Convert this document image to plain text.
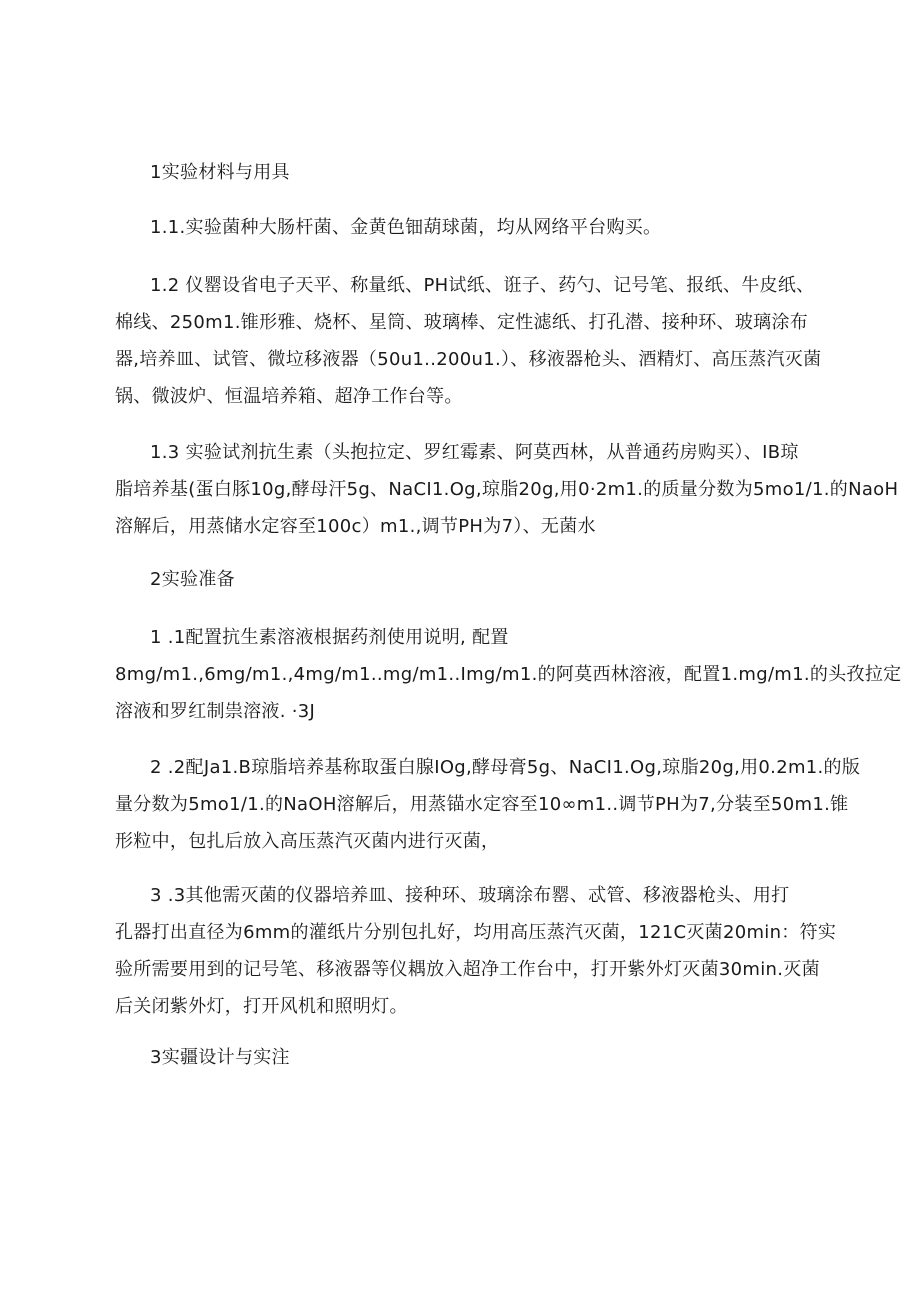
1实验材料与用具
1.1.实验菌种大肠杆菌、金黄色钿葫球菌，均从网络平台购买。
1.2 仪罂设省电子天平、称量纸、PH试纸、诳子、药勺、记号笔、报纸、牛皮纸、
棉线、250m1.锥形雅、烧杯、星筒、玻璃棒、定性滤纸、打孔潜、接种环、玻璃涂布
器,培养皿、试管、微垃移液器（50u1..200u1.）、移液器枪头、酒精灯、高压蒸汽灭菌
锅、微波炉、恒温培养箱、超净工作台等。
1.3 实验试剂抗生素（头抱拉定、罗红霉素、阿莫西林，从普通药房购买）、IB琼
脂培养基(蛋白豚10g,酵母汗5g、NaCI1.Og,琼脂20g,用0·2m1.的质量分数为5mo1∕1.的NaoH
溶解后，用蒸储水定容至100c）m1.,调节PH为7）、无菌水
2实验准备
1 .1配置抗生素溶液根据药剂使用说明, 配置
8mg∕m1.,6mg∕m1.,4mg∕m1..mg∕m1..Img∕m1.的阿莫西林溶液，配置1.mg∕m1.的头孜拉定
溶液和罗红制祟溶液. ·3J
2 .2配Ja1.B琼脂培养基称取蛋白腺IOg,酵母膏5g、NaCI1.Og,琼脂20g,用0.2m1.的版
量分数为5mo1∕1.的NaOH溶解后，用蒸锚水定容至10∞m1..调节PH为7,分装至50m1.锥
形粒中，包扎后放入高压蒸汽灭菌内进行灭菌，
3 .3其他需灭菌的仪器培养皿、接种环、玻璃涂布罂、忒管、移液器枪头、用打
孔器打出直径为6mm的灌纸片分别包扎好，均用高压蒸汽灭菌，121C灭菌20min：符实
验所需要用到的记号笔、移液器等仪耦放入超净工作台中，打开紫外灯灭菌30min.灭菌
后关闭紫外灯，打开风机和照明灯。
3实疆设计与实注
